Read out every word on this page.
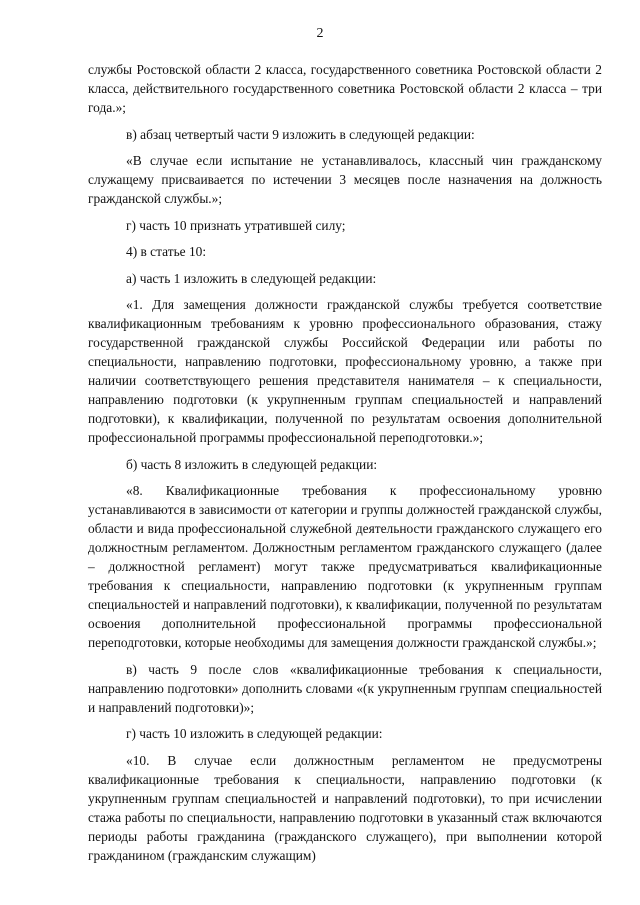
2

службы Ростовской области 2 класса, государственного советника Ростовской области 2 класса, действительного государственного советника Ростовской области 2 класса – три года.»;

в) абзац четвертый части 9 изложить в следующей редакции:

«В случае если испытание не устанавливалось, классный чин гражданскому служащему присваивается по истечении 3 месяцев после назначения на должность гражданской службы.»;

г) часть 10 признать утратившей силу;

4) в статье 10:

а) часть 1 изложить в следующей редакции:

«1. Для замещения должности гражданской службы требуется соответствие квалификационным требованиям к уровню профессионального образования, стажу государственной гражданской службы Российской Федерации или работы по специальности, направлению подготовки, профессиональному уровню, а также при наличии соответствующего решения представителя нанимателя – к специальности, направлению подготовки (к укрупненным группам специальностей и направлений подготовки), к квалификации, полученной по результатам освоения дополнительной профессиональной программы профессиональной переподготовки.»;

б) часть 8 изложить в следующей редакции:

«8. Квалификационные требования к профессиональному уровню устанавливаются в зависимости от категории и группы должностей гражданской службы, области и вида профессиональной служебной деятельности гражданского служащего его должностным регламентом. Должностным регламентом гражданского служащего (далее – должностной регламент) могут также предусматриваться квалификационные требования к специальности, направлению подготовки (к укрупненным группам специальностей и направлений подготовки), к квалификации, полученной по результатам освоения дополнительной профессиональной программы профессиональной переподготовки, которые необходимы для замещения должности гражданской службы.»;

в) часть 9 после слов «квалификационные требования к специальности, направлению подготовки» дополнить словами «(к укрупненным группам специальностей и направлений подготовки)»;

г) часть 10 изложить в следующей редакции:

«10. В случае если должностным регламентом не предусмотрены квалификационные требования к специальности, направлению подготовки (к укрупненным группам специальностей и направлений подготовки), то при исчислении стажа работы по специальности, направлению подготовки в указанный стаж включаются периоды работы гражданина (гражданского служащего), при выполнении которой гражданином (гражданским служащим)
